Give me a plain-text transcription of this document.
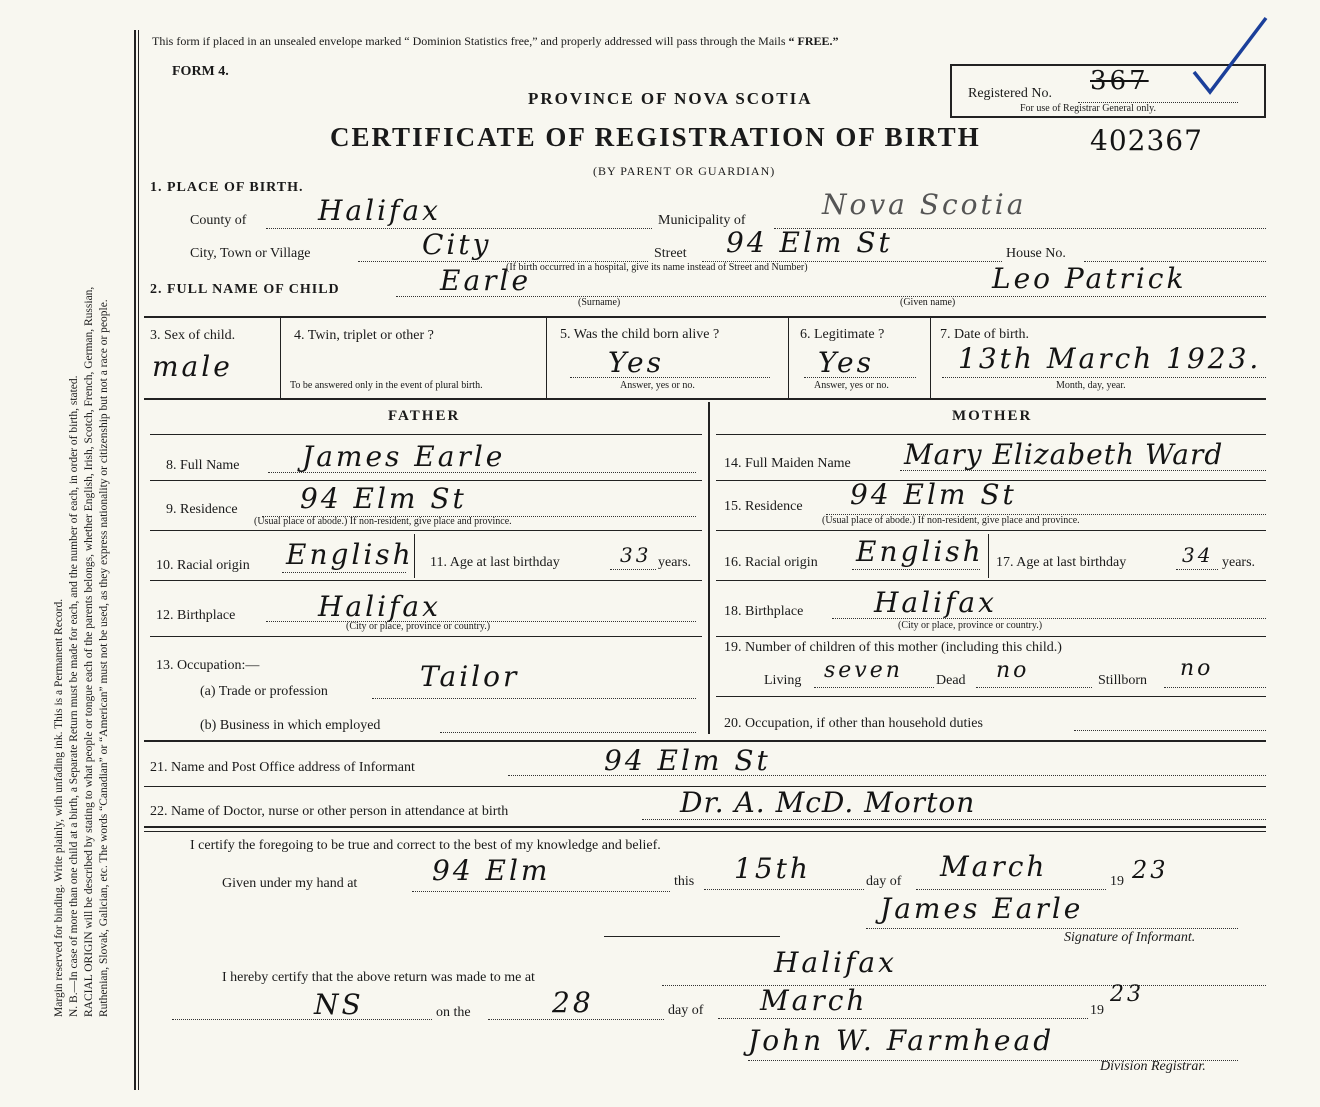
Margin reserved for binding. Write plainly, with unfading ink. This is a Permanent Record. N. B.—In case of more than one child at a birth, a Separate Return must be made for each, and the number of each, in order of birth, stated. RACIAL ORIGIN will be described by stating to what people or tongue each of the parents belongs, whether English, Irish, Scotch, French, German, Russian, Ruthenian, Slovak, Galician, etc. The words “Canadian” or “American” must not be used, as they express nationality or citizenship but not a race or people.
This form if placed in an unsealed envelope marked “ Dominion Statistics free,” and properly addressed will pass through the Mails “ FREE.”
FORM 4.
Registered No. 367
For use of Registrar General only.
PROVINCE OF NOVA SCOTIA
CERTIFICATE OF REGISTRATION OF BIRTH	402367
(BY PARENT OR GUARDIAN)
1. PLACE OF BIRTH.
County of	Halifax	Municipality of	Nova Scotia
City, Town or Village	City	Street 94 Elm St	House No.
(If birth occurred in a hospital, give its name instead of Street and Number)
2. FULL NAME OF CHILD	Earle	Leo Patrick
(Surname)	(Given name)
3. Sex of child.
male
4. Twin, triplet or other ?
To be answered only in the event of plural birth.
5. Was the child born alive ?
Yes
Answer, yes or no.
6. Legitimate ?
Yes
Answer, yes or no.
7. Date of birth.
13th March 1923.
Month, day, year.
FATHER	MOTHER
8. Full Name James Earle
9. Residence 94 Elm St
(Usual place of abode.) If non-resident, give place and province.
10. Racial origin English 11. Age at last birthday	33 years.
12. Birthplace	Halifax
(City or place, province or country.)
13. Occupation:—
(a) Trade or profession	Tailor
(b) Business in which employed
14. Full Maiden Name Mary Elizabeth Ward
15. Residence 94 Elm St
(Usual place of abode.) If non-resident, give place and province.
16. Racial origin English 17. Age at last birthday	34 years.
18. Birthplace	Halifax
(City or place, province or country.)
19. Number of children of this mother (including this child.)
Living seven Dead no	Stillborn no
20. Occupation, if other than household duties
21. Name and Post Office address of Informant	94 Elm St
22. Name of Doctor, nurse or other person in attendance at birth	Dr. A. McD. Morton
I certify the foregoing to be true and correct to the best of my knowledge and belief.
Given under my hand at	94 Elm	this 15th	day of March	19 23
James Earle
Signature of Informant.
I hereby certify that the above return was made to me at	Halifax
NS	on the	28	day of March	19
23
John W. Farmhead
Division Registrar.
